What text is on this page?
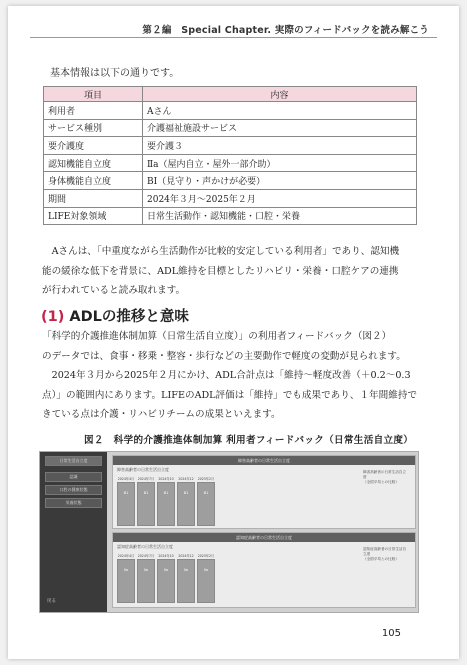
第２編　Special Chapter. 実際のフィードバックを読み解こう
基本情報は以下の通りです。
項目	内容
利用者	Aさん
サービス種別	介護福祉施設サービス
要介護度	要介護３
認知機能自立度	Ⅱa（屋内自立・屋外一部介助）
身体機能自立度	BⅠ（見守り・声かけが必要）
期間	2024年３月〜2025年２月
LIFE対象領域	日常生活動作・認知機能・口腔・栄養
　Aさんは、「中重度ながら生活動作が比較的安定している利用者」であり、認知機
能の緩徐な低下を背景に、ADL維持を目標としたリハビリ・栄養・口腔ケアの連携
が行われていると読み取れます。
(1) ADLの推移と意味
「科学的介護推進体制加算（日常生活自立度）」の利用者フィードバック（図２）
のデータでは、食事・移乗・整容・歩行などの主要動作で軽度の変動が見られます。
　2024年３月から2025年２月にかけ、ADL合計点は「維持〜軽度改善（＋0.2〜0.3
点）」の範囲内にあります。LIFEのADL評価は「維持」でも成果であり、１年間維持で
きている点は介護・リハビリチームの成果といえます。
図２　科学的介護推進体制加算 利用者フィードバック（日常生活自立度）
日常生活自立度
認識
口腔の健康状態
栄養状態
戻る
障害高齢者の日常生活自立度
障害高齢者の日常生活自立度	障害高齢者の日常生活自立度
（全国平均との比較）
2024年4月 2024年7月	2024年10	2024年12	2025年2月
B1	B1	B1	B1	B1
認知症高齢者の日常生活自立度
認知症高齢者の日常生活自立度	認知症高齢者の日常生活自立度
（全国平均との比較）
2024年4月 2024年7月	2024年10	2024年12	2025年2月
Ⅱa	Ⅱa	Ⅱa	Ⅱa	Ⅱa
105
